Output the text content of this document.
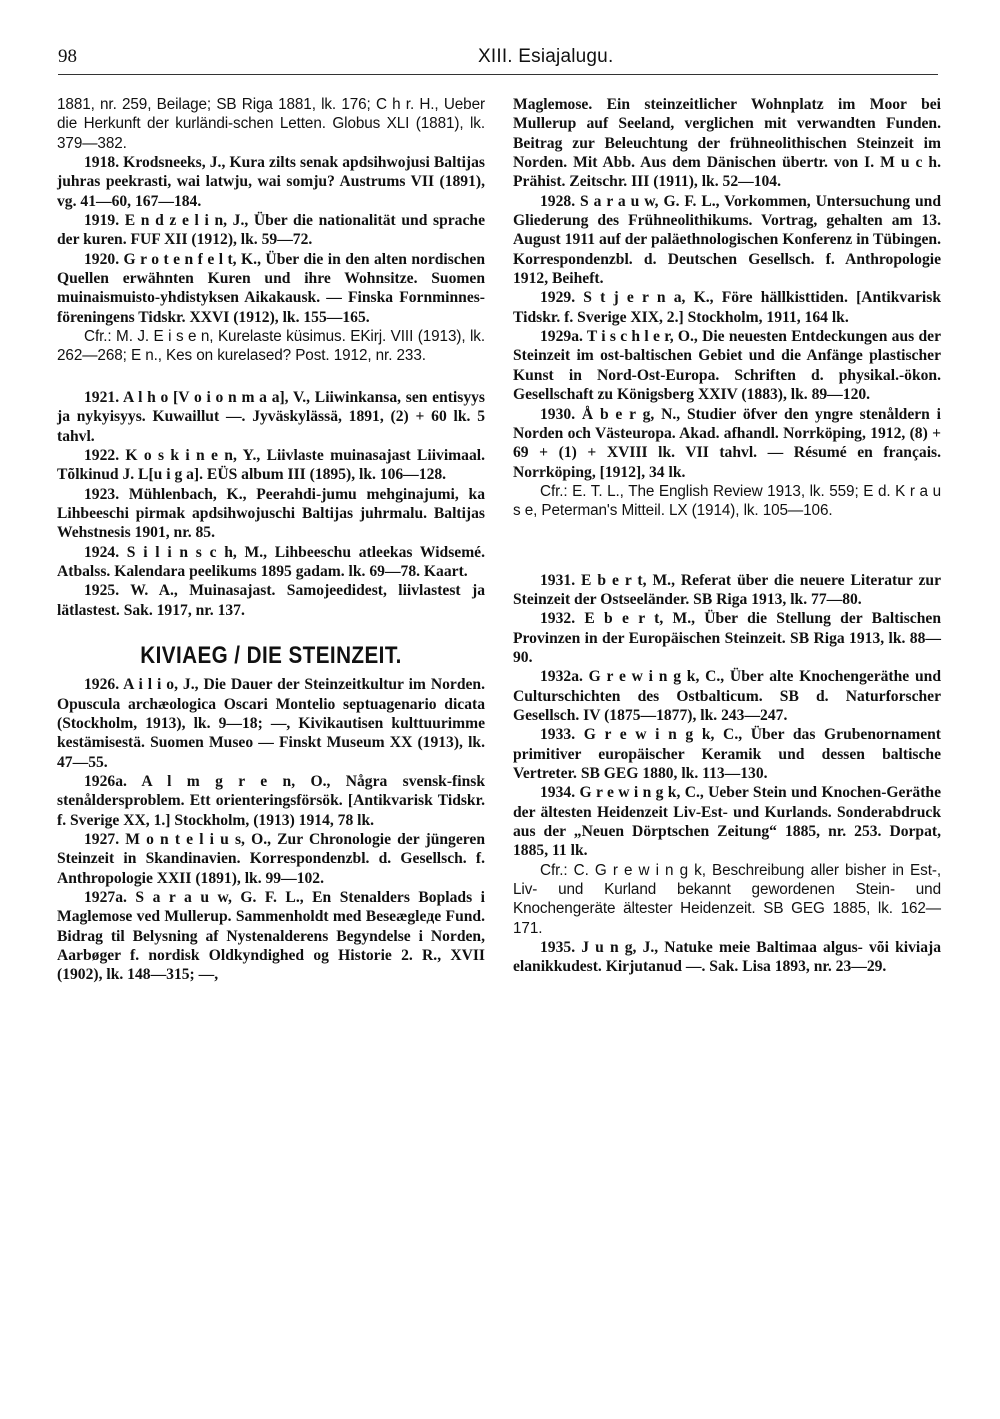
98	XIII. Esiajalugu.

1881, nr. 259, Beilage; SB Riga 1881, lk. 176; C h r. H., Ueber die Herkunft der kurländi-schen Letten. Globus XLI (1881), lk. 379—382.

1918. Krodsneeks, J., Kura zilts senak apdsihwojusi Baltijas juhras peekrasti, wai latwju, wai somju? Austrums VII (1891), vg. 41—60, 167—184.

1919. E n d z e l i n, J., Über die nationalität und sprache der kuren. FUF XII (1912), lk. 59—72.

1920. G r o t e n f e l t, K., Über die in den alten nordischen Quellen erwähnten Kuren und ihre Wohnsitze. Suomen muinaismuisto-yhdistyksen Aikakausk. — Finska Fornminnes-föreningens Tidskr. XXVI (1912), lk. 155—165.

Cfr.: M. J. E i s e n, Kurelaste küsimus. EKirj. VIII (1913), lk. 262—268; E n., Kes on kurelased? Post. 1912, nr. 233.

1921. A l h o [V o i o n m a a], V., Liiwinkansa, sen entisyys ja nykyisyys. Kuwaillut —. Jyväskylässä, 1891, (2) + 60 lk. 5 tahvl.

1922. K o s k i n e n, Y., Liivlaste muinasajast Liivimaal. Tõlkinud J. L[u i g a]. EÜS album III (1895), lk. 106—128.

1923. Mühlenbach, K., Peerahdi-jumu mehginajumi, ka Lihbeeschi pirmak apdsihwojuschi Baltijas juhrmalu. Baltijas Wehstnesis 1901, nr. 85.

1924. S i l i n s c h, M., Lihbeeschu atleekas Widsemé. Atbalss. Kalendara peelikums 1895 gadam. lk. 69—78. Kaart.

1925. W. A., Muinasajast. Samojeedidest, liivlastest ja lätlastest. Sak. 1917, nr. 137.

KIVIAEG / DIE STEINZEIT.

1926. A i l i o, J., Die Dauer der Steinzeitkultur im Norden. Opuscula archæologica Oscari Montelio septuagenario dicata (Stockholm, 1913), lk. 9—18; —, Kivikautisen kulttuurimme kestämisestä. Suomen Museo — Finskt Museum XX (1913), lk. 47—55.

1926a. A l m g r e n, O., Några svensk-finsk stenåldersproblem. Ett orienteringsförsök. [Antikvarisk Tidskr. f. Sverige XX, 1.] Stockholm, (1913) 1914, 78 lk.

1927. M o n t e l i u s, O., Zur Chronologie der jüngeren Steinzeit in Skandinavien. Korrespondenzbl. d. Gesellsch. f. Anthropologie XXII (1891), lk. 99—102.

1927a. S a r a u w, G. F. L., En Stenalders Boplads i Maglemose ved Mullerup. Sammenholdt med Beseægleде Fund. Bidrag til Belysning af Nystenalderens Begyndelse i Norden, Aarbøger f. nordisk Oldkyndighed og Historie 2. R., XVII (1902), lk. 148—315; —,

Maglemose. Ein steinzeitlicher Wohnplatz im Moor bei Mullerup auf Seeland, verglichen mit verwandten Funden. Beitrag zur Beleuchtung der frühneolithischen Steinzeit im Norden. Mit Abb. Aus dem Dänischen übertr. von I. M u c h. Prähist. Zeitschr. III (1911), lk. 52—104.

1928. S a r a u w, G. F. L., Vorkommen, Untersuchung und Gliederung des Frühneolithikums. Vortrag, gehalten am 13. August 1911 auf der paläethnologischen Konferenz in Tübingen. Korrespondenzbl. d. Deutschen Gesellsch. f. Anthropologie 1912, Beiheft.

1929. S t j e r n a, K., Före hällkisttiden. [Antikvarisk Tidskr. f. Sverige XIX, 2.] Stockholm, 1911, 164 lk.

1929a. T i s c h l e r, O., Die neuesten Entdeckungen aus der Steinzeit im ost-baltischen Gebiet und die Anfänge plastischer Kunst in Nord-Ost-Europa. Schriften d. physikal.-ökon. Gesellschaft zu Königsberg XXIV (1883), lk. 89—120.

1930. Å b e r g, N., Studier öfver den yngre stenåldern i Norden och Västeuropa. Akad. afhandl. Norrköping, 1912, (8) + 69 + (1) + XVIII lk. VII tahvl. — Résumé en français. Norrköping, [1912], 34 lk.

Cfr.: E. T. L., The English Review 1913, lk. 559; E d. K r a u s e, Peterman's Mitteil. LX (1914), lk. 105—106.

1931. E b e r t, M., Referat über die neuere Literatur zur Steinzeit der Ostseeländer. SB Riga 1913, lk. 77—80.

1932. E b e r t, M., Über die Stellung der Baltischen Provinzen in der Europäischen Steinzeit. SB Riga 1913, lk. 88—90.

1932a. G r e w i n g k, C., Über alte Knochengeräthe und Culturschichten des Ostbalticum. SB d. Naturforscher Gesellsch. IV (1875—1877), lk. 243—247.

1933. G r e w i n g k, C., Über das Grubenornament primitiver europäischer Keramik und dessen baltische Vertreter. SB GEG 1880, lk. 113—130.

1934. G r e w i n g k, C., Ueber Stein und Knochen-Geräthe der ältesten Heidenzeit Liv-Est- und Kurlands. Sonderabdruck aus der „Neuen Dörptschen Zeitung“ 1885, nr. 253. Dorpat, 1885, 11 lk.

Cfr.: C. G r e w i n g k, Beschreibung aller bisher in Est-, Liv- und Kurland bekannt gewordenen Stein- und Knochengeräte ältester Heidenzeit. SB GEG 1885, lk. 162—171.

1935. J u n g, J., Natuke meie Baltimaa algus- või kiviaja elanikkudest. Kirjutanud —. Sak. Lisa 1893, nr. 23—29.
